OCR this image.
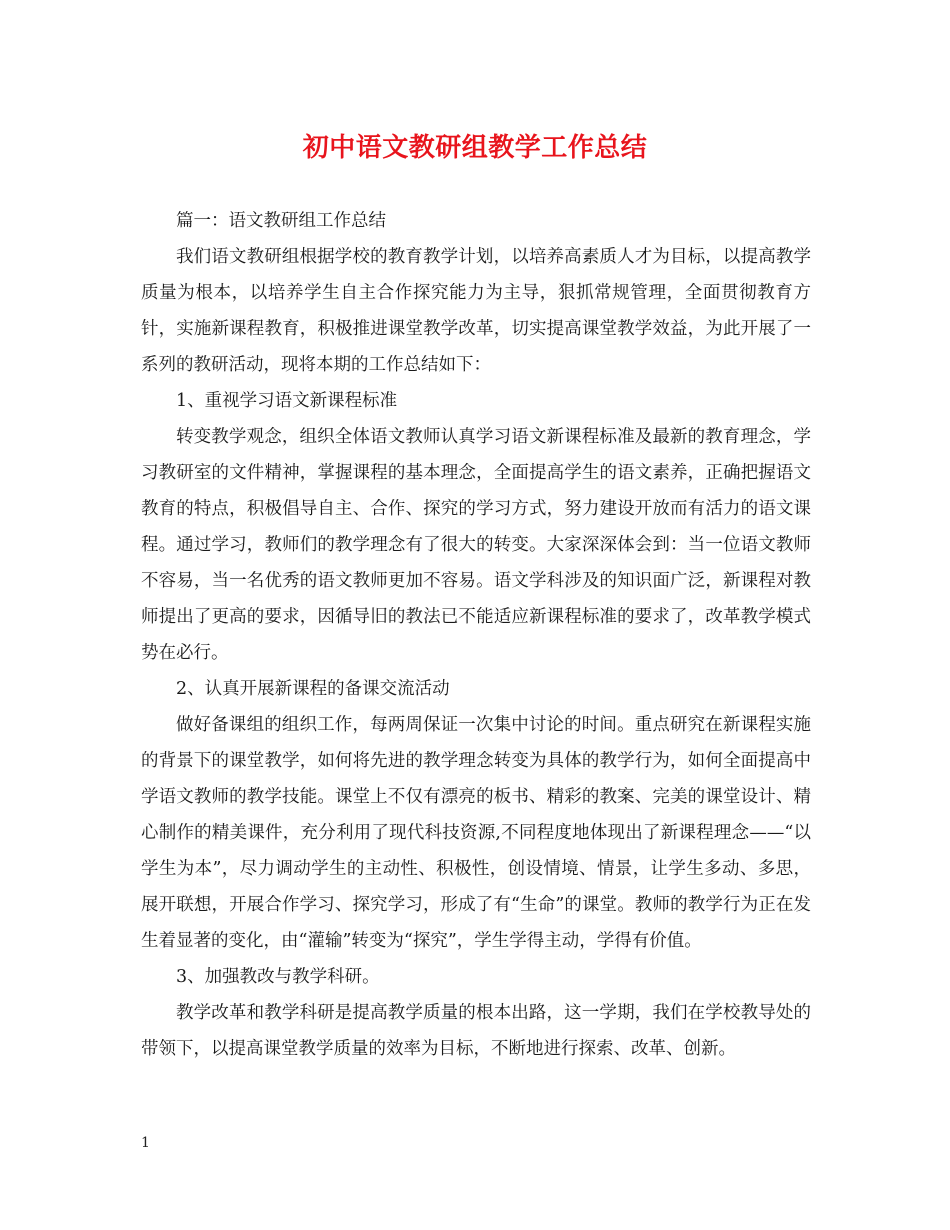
初中语文教研组教学工作总结

篇一：语文教研组工作总结

我们语文教研组根据学校的教育教学计划，以培养高素质人才为目标，以提高教学质量为根本，以培养学生自主合作探究能力为主导，狠抓常规管理，全面贯彻教育方针，实施新课程教育，积极推进课堂教学改革，切实提高课堂教学效益，为此开展了一系列的教研活动，现将本期的工作总结如下：

1、重视学习语文新课程标准

转变教学观念，组织全体语文教师认真学习语文新课程标准及最新的教育理念，学习教研室的文件精神，掌握课程的基本理念，全面提高学生的语文素养，正确把握语文教育的特点，积极倡导自主、合作、探究的学习方式，努力建设开放而有活力的语文课程。通过学习，教师们的教学理念有了很大的转变。大家深深体会到：当一位语文教师不容易，当一名优秀的语文教师更加不容易。语文学科涉及的知识面广泛，新课程对教师提出了更高的要求，因循导旧的教法已不能适应新课程标准的要求了，改革教学模式势在必行。

2、认真开展新课程的备课交流活动

做好备课组的组织工作，每两周保证一次集中讨论的时间。重点研究在新课程实施的背景下的课堂教学，如何将先进的教学理念转变为具体的教学行为，如何全面提高中学语文教师的教学技能。课堂上不仅有漂亮的板书、精彩的教案、完美的课堂设计、精心制作的精美课件，充分利用了现代科技资源,不同程度地体现出了新课程理念——“以学生为本”，尽力调动学生的主动性、积极性，创设情境、情景，让学生多动、多思，展开联想，开展合作学习、探究学习，形成了有“生命”的课堂。教师的教学行为正在发生着显著的变化，由“灌输”转变为“探究”，学生学得主动，学得有价值。

3、加强教改与教学科研。

教学改革和教学科研是提高教学质量的根本出路，这一学期，我们在学校教导处的带领下，以提高课堂教学质量的效率为目标，不断地进行探索、改革、创新。

1
